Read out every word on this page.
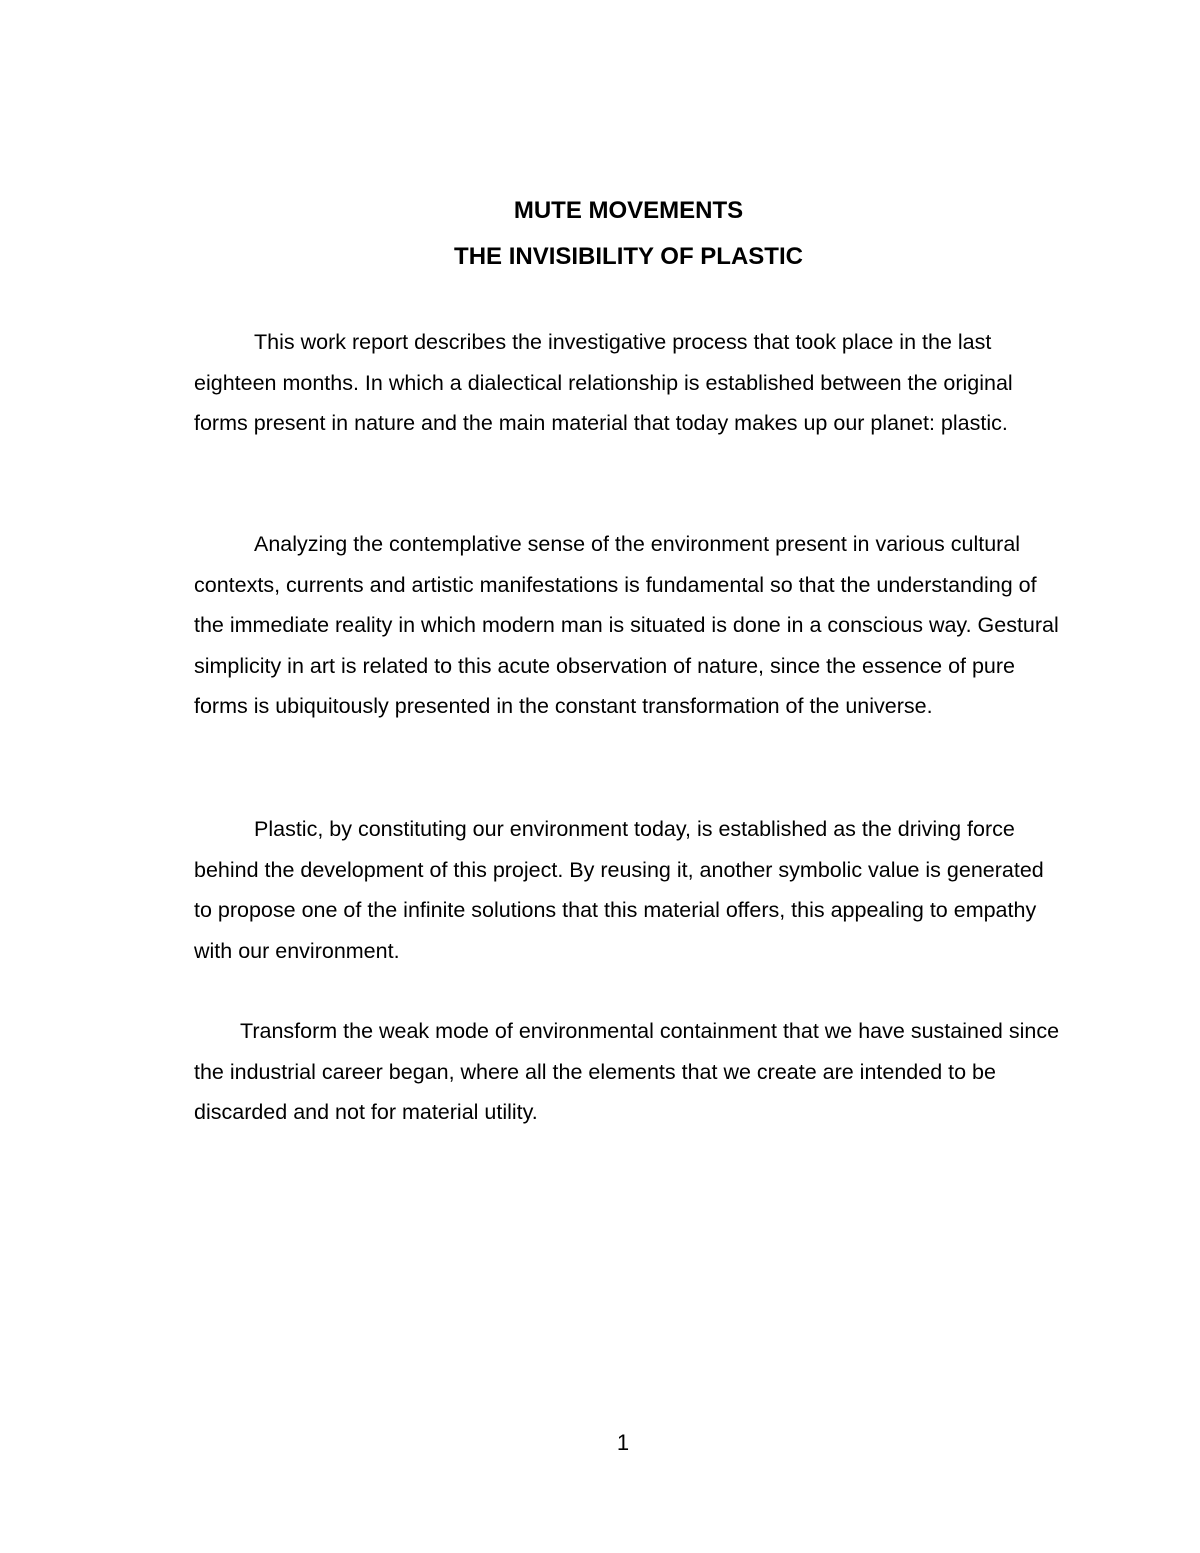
MUTE MOVEMENTS
THE INVISIBILITY OF PLASTIC

This work report describes the investigative process that took place in the last eighteen months. In which a dialectical relationship is established between the original forms present in nature and the main material that today makes up our planet: plastic.

Analyzing the contemplative sense of the environment present in various cultural contexts, currents and artistic manifestations is fundamental so that the understanding of the immediate reality in which modern man is situated is done in a conscious way. Gestural simplicity in art is related to this acute observation of nature, since the essence of pure forms is ubiquitously presented in the constant transformation of the universe.

Plastic, by constituting our environment today, is established as the driving force behind the development of this project. By reusing it, another symbolic value is generated to propose one of the infinite solutions that this material offers, this appealing to empathy with our environment.

Transform the weak mode of environmental containment that we have sustained since the industrial career began, where all the elements that we create are intended to be discarded and not for material utility.

1
